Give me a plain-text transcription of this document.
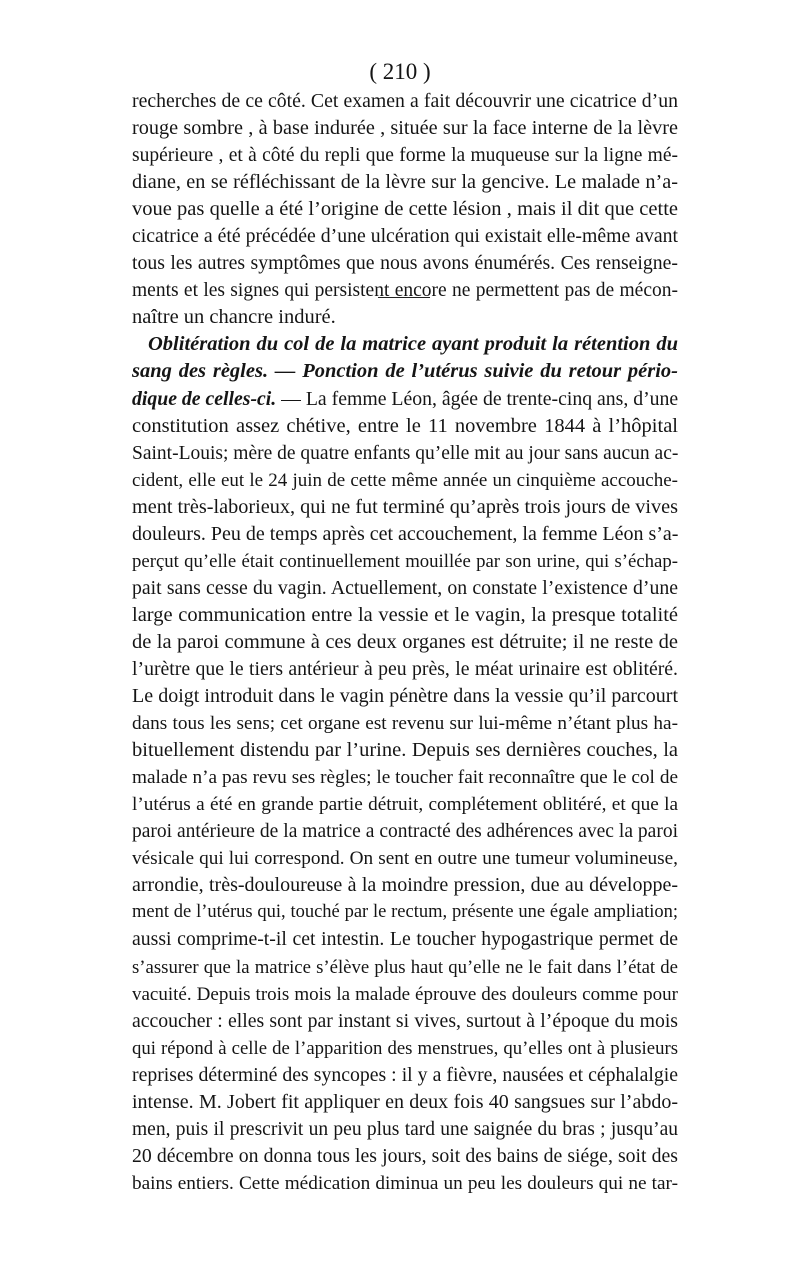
( 210 )
recherches de ce côté. Cet examen a fait découvrir une cicatrice d’un
rouge sombre , à base indurée , située sur la face interne de la lèvre
supérieure , et à côté du repli que forme la muqueuse sur la ligne mé-
diane, en se réfléchissant de la lèvre sur la gencive. Le malade n’a-
voue pas quelle a été l’origine de cette lésion , mais il dit que cette
cicatrice a été précédée d’une ulcération qui existait elle-même avant
tous les autres symptômes que nous avons énumérés. Ces renseigne-
ments et les signes qui persistent encore ne permettent pas de mécon-
naître un chancre induré.
Oblitération du col de la matrice ayant produit la rétention du
sang des règles. — Ponction de l’utérus suivie du retour pério-
dique de celles-ci. — La femme Léon, âgée de trente-cinq ans, d’une
constitution assez chétive, entre le 11 novembre 1844 à l’hôpital
Saint-Louis; mère de quatre enfants qu’elle mit au jour sans aucun ac-
cident, elle eut le 24 juin de cette même année un cinquième accouche-
ment très-laborieux, qui ne fut terminé qu’après trois jours de vives
douleurs. Peu de temps après cet accouchement, la femme Léon s’a-
perçut qu’elle était continuellement mouillée par son urine, qui s’échap-
pait sans cesse du vagin. Actuellement, on constate l’existence d’une
large communication entre la vessie et le vagin, la presque totalité
de la paroi commune à ces deux organes est détruite; il ne reste de
l’urètre que le tiers antérieur à peu près, le méat urinaire est oblitéré.
Le doigt introduit dans le vagin pénètre dans la vessie qu’il parcourt
dans tous les sens; cet organe est revenu sur lui-même n’étant plus ha-
bituellement distendu par l’urine. Depuis ses dernières couches, la
malade n’a pas revu ses règles; le toucher fait reconnaître que le col de
l’utérus a été en grande partie détruit, complétement oblitéré, et que la
paroi antérieure de la matrice a contracté des adhérences avec la paroi
vésicale qui lui correspond. On sent en outre une tumeur volumineuse,
arrondie, très-douloureuse à la moindre pression, due au développe-
ment de l’utérus qui, touché par le rectum, présente une égale ampliation;
aussi comprime-t-il cet intestin. Le toucher hypogastrique permet de
s’assurer que la matrice s’élève plus haut qu’elle ne le fait dans l’état de
vacuité. Depuis trois mois la malade éprouve des douleurs comme pour
accoucher : elles sont par instant si vives, surtout à l’époque du mois
qui répond à celle de l’apparition des menstrues, qu’elles ont à plusieurs
reprises déterminé des syncopes : il y a fièvre, nausées et céphalalgie
intense. M. Jobert fit appliquer en deux fois 40 sangsues sur l’abdo-
men, puis il prescrivit un peu plus tard une saignée du bras ; jusqu’au
20 décembre on donna tous les jours, soit des bains de siége, soit des
bains entiers. Cette médication diminua un peu les douleurs qui ne tar-
